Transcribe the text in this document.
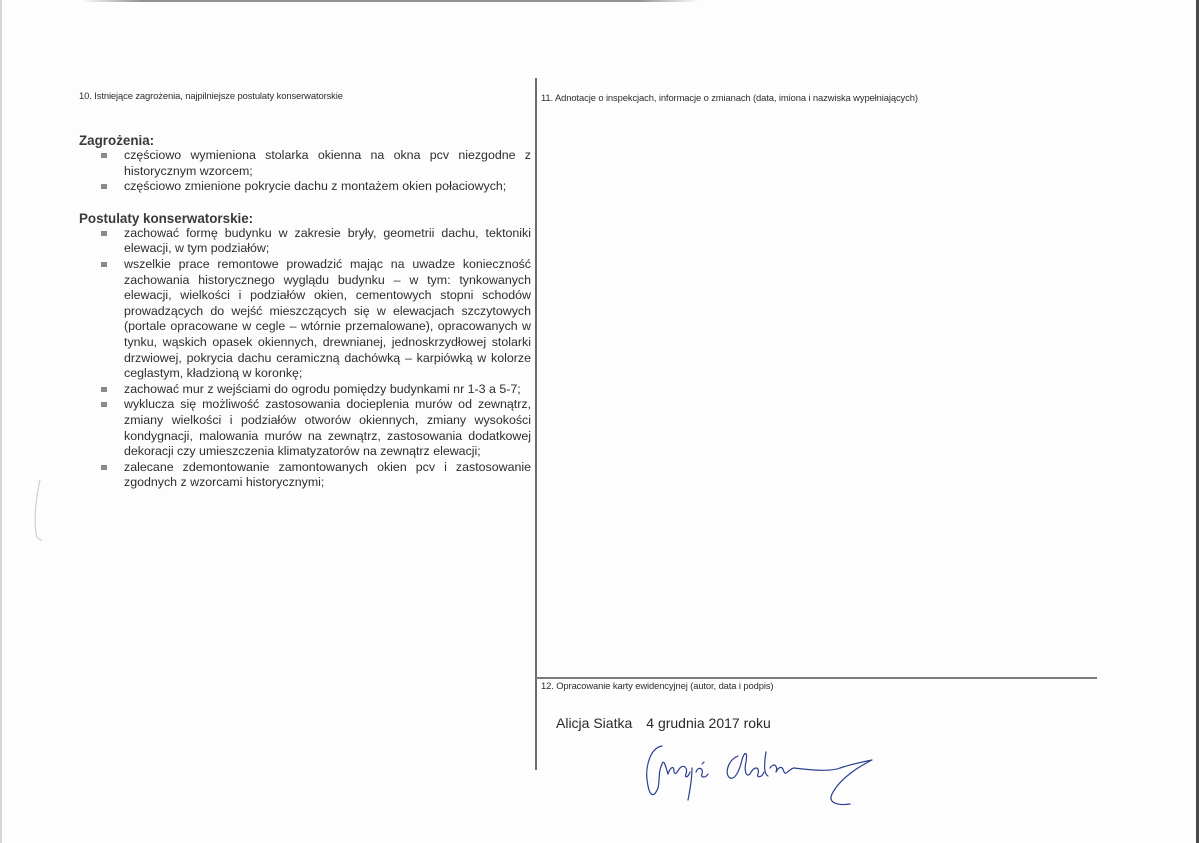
10. Istniejące zagrożenia, najpilniejsze postulaty konserwatorskie	11. Adnotacje o inspekcjach, informacje o zmianach (data, imiona i nazwiska wypełniających)
12. Opracowanie karty ewidencyjnej (autor, data i podpis)

Zagrożenia:

częściowo wymieniona stolarka okienna na okna pcv niezgodne z historycznym wzorcem;
częściowo zmienione pokrycie dachu z montażem okien połaciowych;

Postulaty konserwatorskie:

zachować formę budynku w zakresie bryły, geometrii dachu, tektoniki elewacji, w tym podziałów;
wszelkie prace remontowe prowadzić mając na uwadze konieczność zachowania historycznego wyglądu budynku – w tym: tynkowanych elewacji, wielkości i podziałów okien, cementowych stopni schodów prowadzących do wejść mieszczących się w elewacjach szczytowych (portale opracowane w cegle – wtórnie przemalowane), opracowanych w tynku, wąskich opasek okiennych, drewnianej, jednoskrzydłowej stolarki drzwiowej, pokrycia dachu ceramiczną dachówką – karpiówką w kolorze ceglastym, kładzioną w koronkę;
zachować mur z wejściami do ogrodu pomiędzy budynkami nr 1-3 a 5-7;
wyklucza się możliwość zastosowania docieplenia murów od zewnątrz, zmiany wielkości i podziałów otworów okiennych, zmiany wysokości kondygnacji, malowania murów na zewnątrz, zastosowania dodatkowej dekoracji czy umieszczenia klimatyzatorów na zewnątrz elewacji;
zalecane zdemontowanie zamontowanych okien pcv i zastosowanie zgodnych z wzorcami historycznymi;
Alicja Siatka 4 grudnia 2017 roku
